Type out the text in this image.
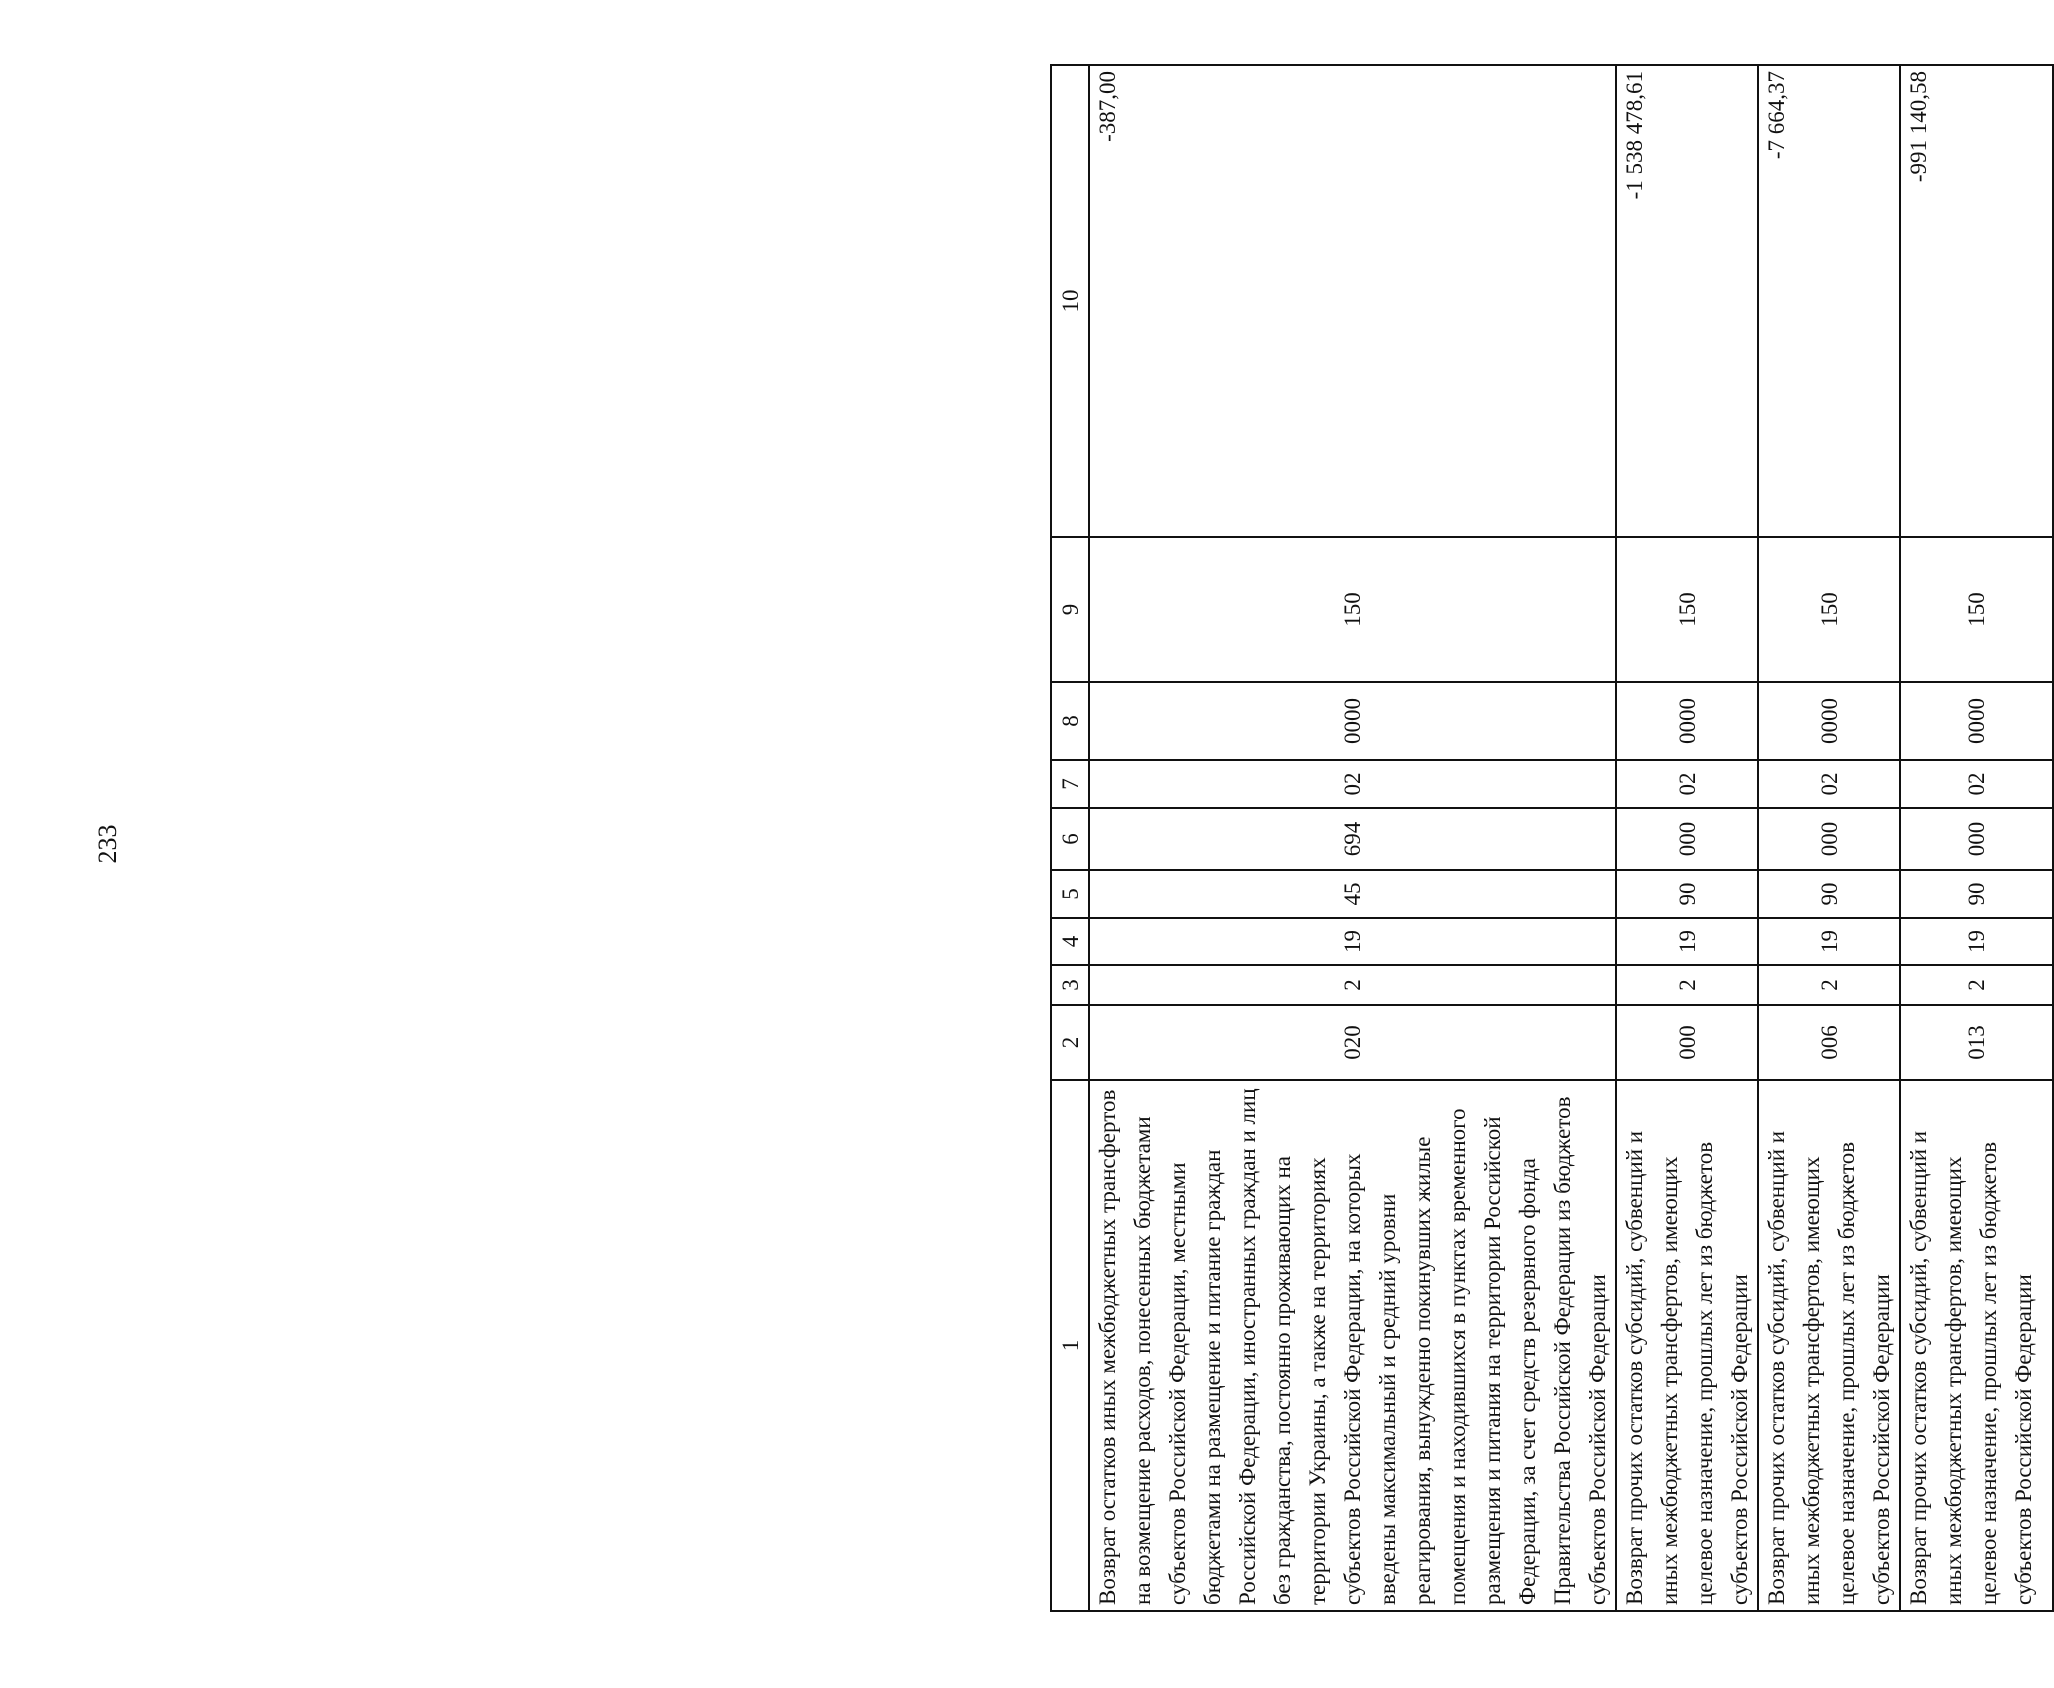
233
1	2	3	4	5	6	7	8	9	10
Возврат остатков иных межбюджетных трансфертов на возмещение расходов, понесенных бюджетами субъектов Российской Федерации, местными бюджетами на размещение и питание граждан Российской Федерации, иностранных граждан и лиц без гражданства, постоянно проживающих на территории Украины, а также на территориях субъектов Российской Федерации, на которых введены максимальный и средний уровни реагирования, вынужденно покинувших жилые помещения и находившихся в пунктах временного размещения и питания на территории Российской Федерации, за счет средств резервного фонда Правительства Российской Федерации из бюджетов субъектов Российской Федерации	020	2	19	45	694	02	0000	150	-387,00
Возврат прочих остатков субсидий, субвенций и иных межбюджетных трансфертов, имеющих целевое назначение, прошлых лет из бюджетов субъектов Российской Федерации	000	2	19	90	000	02	0000	150	-1 538 478,61
Возврат прочих остатков субсидий, субвенций и иных межбюджетных трансфертов, имеющих целевое назначение, прошлых лет из бюджетов субъектов Российской Федерации	006	2	19	90	000	02	0000	150	-7 664,37
Возврат прочих остатков субсидий, субвенций и иных межбюджетных трансфертов, имеющих целевое назначение, прошлых лет из бюджетов субъектов Российской Федерации	013	2	19	90	000	02	0000	150	-991 140,58
